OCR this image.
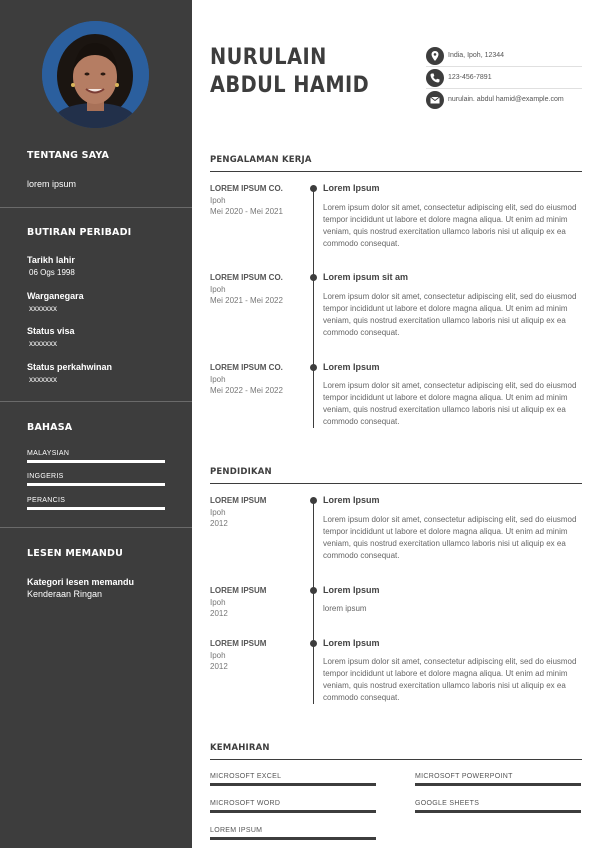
TENTANG SAYA
lorem ipsum
BUTIRAN PERIBADI
Tarikh lahir
06 Ogs 1998
Warganegara
xxxxxxx
Status visa
xxxxxxx
Status perkahwinan
xxxxxxx
BAHASA
MALAYSIAN
INGGERIS
PERANCIS
LESEN MEMANDU
Kategori lesen memandu
Kenderaan Ringan
NURULAIN
ABDUL HAMID
India, Ipoh, 12344
123-456-7891
nurulain. abdul hamid@example.com
PENGALAMAN KERJA
LOREM IPSUM CO.
Ipoh
Mei 2020 - Mei 2021
Lorem Ipsum
Lorem ipsum dolor sit amet, consectetur adipiscing elit, sed do eiusmod tempor incididunt ut labore et dolore magna aliqua. Ut enim ad minim veniam, quis nostrud exercitation ullamco laboris nisi ut aliquip ex ea commodo consequat.
LOREM IPSUM CO.
Ipoh
Mei 2021 - Mei 2022
Lorem ipsum sit am
Lorem ipsum dolor sit amet, consectetur adipiscing elit, sed do eiusmod tempor incididunt ut labore et dolore magna aliqua. Ut enim ad minim veniam, quis nostrud exercitation ullamco laboris nisi ut aliquip ex ea commodo consequat.
LOREM IPSUM CO.
Ipoh
Mei 2022 - Mei 2022
Lorem Ipsum
Lorem ipsum dolor sit amet, consectetur adipiscing elit, sed do eiusmod tempor incididunt ut labore et dolore magna aliqua. Ut enim ad minim veniam, quis nostrud exercitation ullamco laboris nisi ut aliquip ex ea commodo consequat.
PENDIDIKAN
LOREM IPSUM
Ipoh
2012
Lorem Ipsum
Lorem ipsum dolor sit amet, consectetur adipiscing elit, sed do eiusmod tempor incididunt ut labore et dolore magna aliqua. Ut enim ad minim veniam, quis nostrud exercitation ullamco laboris nisi ut aliquip ex ea commodo consequat.
LOREM IPSUM
Ipoh
2012
Lorem Ipsum
lorem ipsum
LOREM IPSUM
Ipoh
2012
Lorem Ipsum
Lorem ipsum dolor sit amet, consectetur adipiscing elit, sed do eiusmod tempor incididunt ut labore et dolore magna aliqua. Ut enim ad minim veniam, quis nostrud exercitation ullamco laboris nisi ut aliquip ex ea commodo consequat.
KEMAHIRAN
MICROSOFT EXCEL	MICROSOFT POWERPOINT
MICROSOFT WORD	GOOGLE SHEETS
LOREM IPSUM
